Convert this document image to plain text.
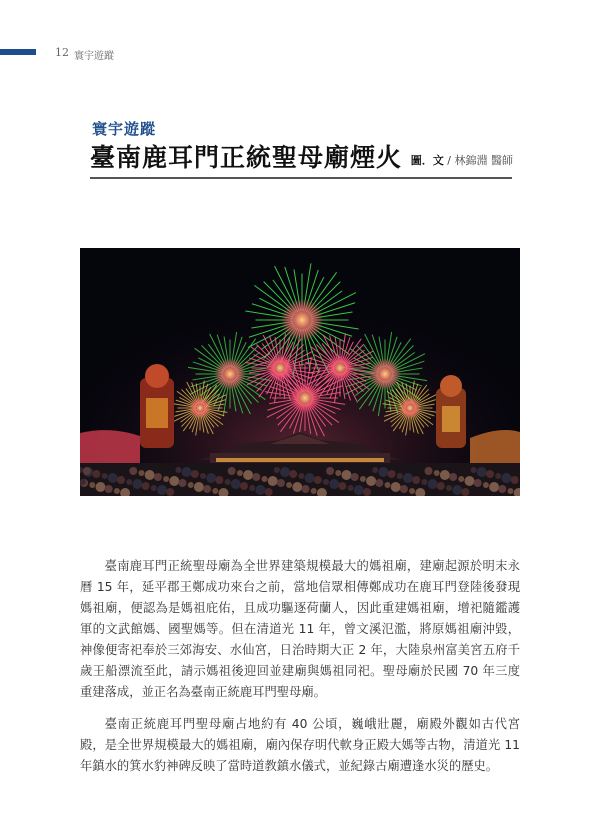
12 寰宇遊蹤
寰宇遊蹤
臺南鹿耳門正統聖母廟煙火 圖．文 / 林錦淵 醫師

臺南鹿耳門正統聖母廟為全世界建築規模最大的媽祖廟，建廟起源於明末永曆 15 年，延平郡王鄭成功來台之前，當地信眾相傳鄭成功在鹿耳門登陸後發現媽祖廟，便認為是媽祖庇佑，且成功驅逐荷蘭人，因此重建媽祖廟，增祀隨鑑護軍的文武館媽、國聖媽等。但在清道光 11 年，曾文溪氾濫，將原媽祖廟沖毀，神像便寄祀奉於三郊海安、水仙宮，日治時期大正 2 年，大陸泉州富美宮五府千歲王船漂流至此，請示媽祖後迎回並建廟與媽祖同祀。聖母廟於民國 70 年三度重建落成，並正名為臺南正統鹿耳門聖母廟。

臺南正統鹿耳門聖母廟占地約有 40 公頃，巍峨壯麗，廟殿外觀如古代宮殿，是全世界規模最大的媽祖廟，廟內保存明代軟身正殿大媽等古物，清道光 11 年鎮水的箕水豹神碑反映了當時道教鎮水儀式，並紀錄古廟遭逢水災的歷史。
